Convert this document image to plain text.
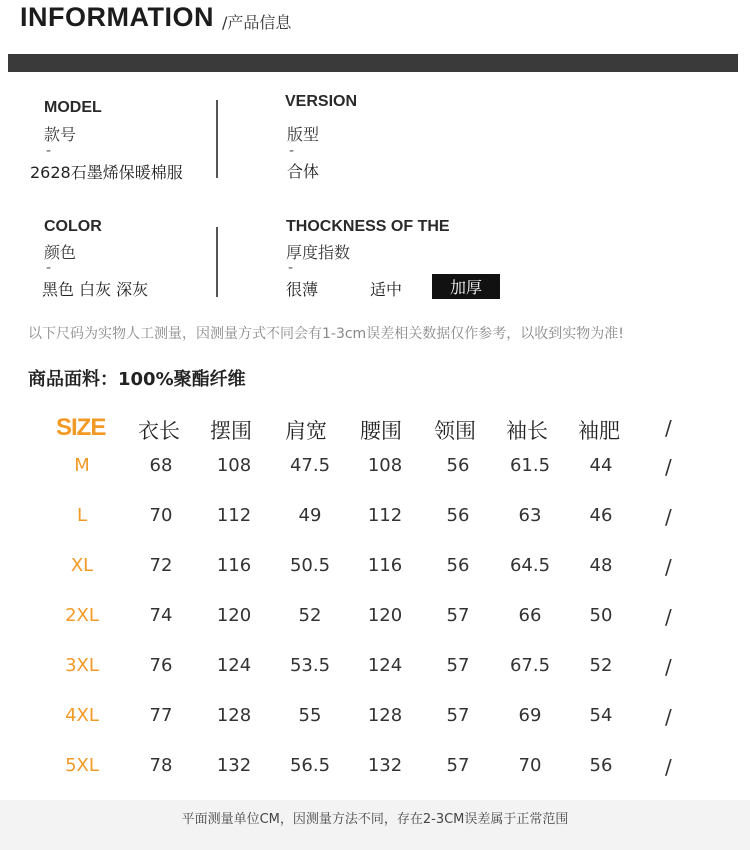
INFORMATION /产品信息
MODEL
款号
-
2628石墨烯保暖棉服
VERSION
版型
-
合体
COLOR
颜色
-
黑色 白灰 深灰
THOCKNESS OF THE
厚度指数
-
很薄	适中	加厚
以下尺码为实物人工测量，因测量方式不同会有1-3cm误差相关数据仅作参考，以收到实物为准!
商品面料：100%聚酯纤维
SIZE 衣长 摆围 肩宽 腰围 领围 袖长 袖肥 /
M	68	108	47.5	108	56	61.5	44	/
L	70	112	49	112	56	63	46	/
XL	72	116	50.5	116	56	64.5	48	/
2XL	74	120	52	120	57	66	50	/
3XL	76	124	53.5	124	57	67.5	52	/
4XL	77	128	55	128	57	69	54	/
5XL	78	132	56.5	132	57	70	56	/
平面测量单位CM，因测量方法不同，存在2-3CM误差属于正常范围
